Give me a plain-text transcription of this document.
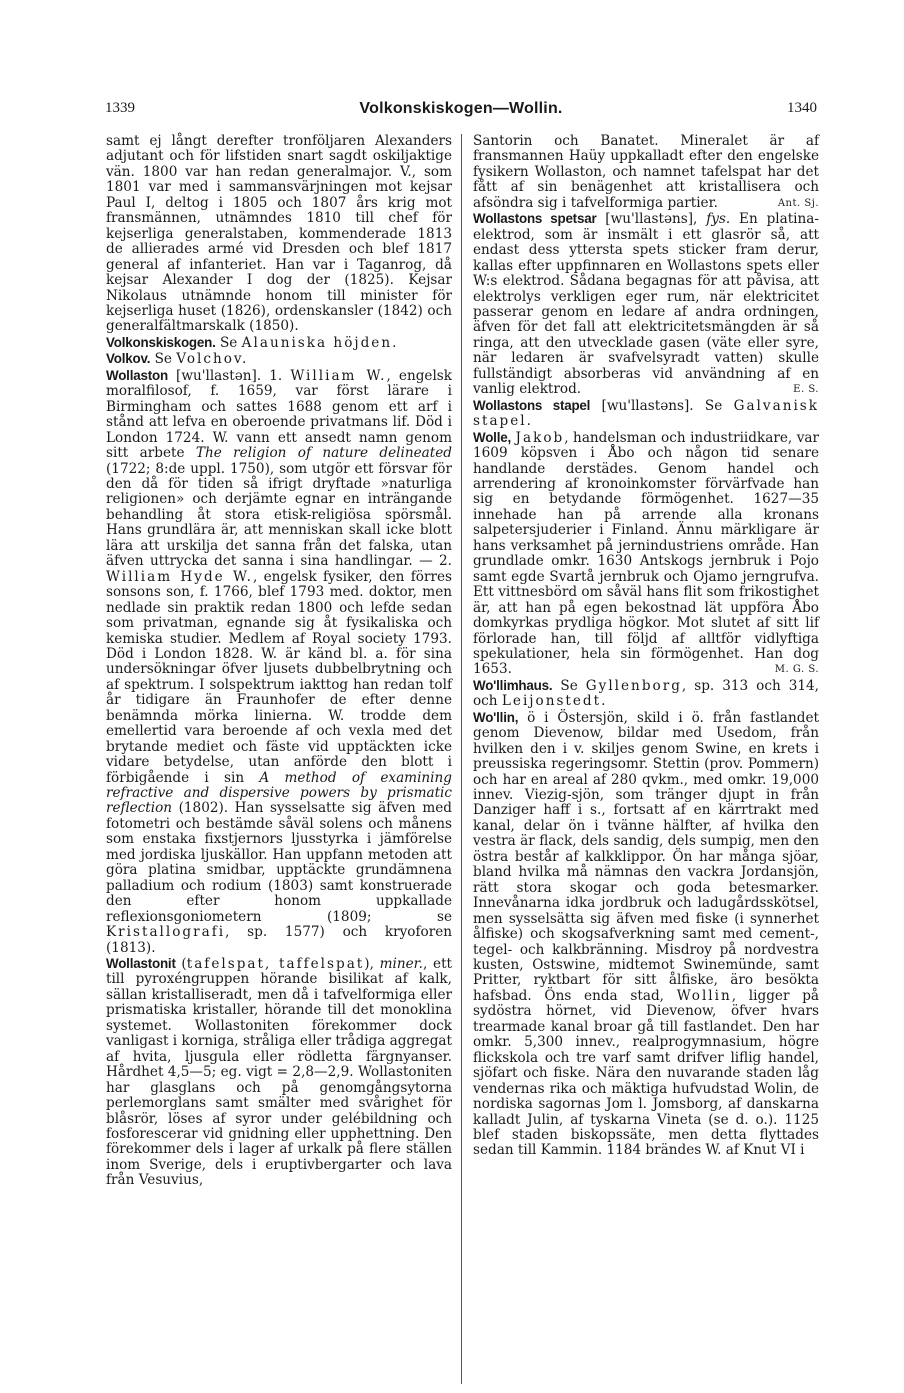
1339	Volkonskiskogen—Wollin.	1340

samt ej långt derefter tronföljaren Alexanders adjutant och för lifstiden snart sagdt oskiljaktige vän. 1800 var han redan generalmajor. V., som 1801 var med i sammansvärjningen mot kejsar Paul I, deltog i 1805 och 1807 års krig mot fransmännen, utnämndes 1810 till chef för kejserliga generalstaben, kommenderade 1813 de allierades armé vid Dresden och blef 1817 general af infanteriet. Han var i Taganrog, då kejsar Alexander I dog der (1825). Kejsar Nikolaus utnämnde honom till minister för kejserliga huset (1826), ordenskansler (1842) och generalfältmarskalk (1850).

Volkonskiskogen. Se Alauniska höjden.

Volkov. Se Volchov.

Wollaston [wu'llastən]. 1. William W., engelsk moralfilosof, f. 1659, var först lärare i Birmingham och sattes 1688 genom ett arf i stånd att lefva en oberoende privatmans lif. Död i London 1724. W. vann ett ansedt namn genom sitt arbete The religion of nature delineated (1722; 8:de uppl. 1750), som utgör ett försvar för den då för tiden så ifrigt dryftade »naturliga religionen» och derjämte egnar en inträngande behandling åt stora etisk-religiösa spörsmål. Hans grundlära är, att menniskan skall icke blott lära att urskilja det sanna från det falska, utan äfven uttrycka det sanna i sina handlingar. — 2. William Hyde W., engelsk fysiker, den förres sonsons son, f. 1766, blef 1793 med. doktor, men nedlade sin praktik redan 1800 och lefde sedan som privatman, egnande sig åt fysikaliska och kemiska studier. Medlem af Royal society 1793. Död i London 1828. W. är känd bl. a. för sina undersökningar öfver ljusets dubbelbrytning och af spektrum. I solspektrum iakttog han redan tolf år tidigare än Fraunhofer de efter denne benämnda mörka linierna. W. trodde dem emellertid vara beroende af och vexla med det brytande mediet och fäste vid upptäckten icke vidare betydelse, utan anförde den blott i förbigående i sin A method of examining refractive and dispersive powers by prismatic reflection (1802). Han sysselsatte sig äfven med fotometri och bestämde såväl solens och månens som enstaka fixstjernors ljusstyrka i jämförelse med jordiska ljuskällor. Han uppfann metoden att göra platina smidbar, upptäckte grundämnena palladium och rodium (1803) samt konstruerade den efter honom uppkallade reflexionsgoniometern (1809; se Kristallografi, sp. 1577) och kryoforen (1813).

Wollastonit (tafelspat, taffelspat), miner., ett till pyroxéngruppen hörande bisilikat af kalk, sällan kristalliseradt, men då i tafvelformiga eller prismatiska kristaller, hörande till det monoklina systemet. Wollastoniten förekommer dock vanligast i korniga, stråliga eller trådiga aggregat af hvita, ljusgula eller rödletta färgnyanser. Hårdhet 4,5—5; eg. vigt = 2,8—2,9. Wollastoniten har glasglans och på genomgångsytorna perlemorglans samt smälter med svårighet för blåsrör, löses af syror under gelébildning och fosforescerar vid gnidning eller upphettning. Den förekommer dels i lager af urkalk på flere ställen inom Sverige, dels i eruptivbergarter och lava från Vesuvius,

Santorin och Banatet. Mineralet är af fransmannen Haüy uppkalladt efter den engelske fysikern Wollaston, och namnet tafelspat har det fått af sin benägenhet att kristallisera och afsöndra sig i tafvelformiga partier.	Ant. Sj.

Wollastons spetsar [wu'llastəns], fys. En platina-elektrod, som är insmält i ett glasrör så, att endast dess yttersta spets sticker fram derur, kallas efter uppfinnaren en Wollastons spets eller W:s elektrod. Sådana begagnas för att påvisa, att elektrolys verkligen eger rum, när elektricitet passerar genom en ledare af andra ordningen, äfven för det fall att elektricitetsmängden är så ringa, att den utvecklade gasen (väte eller syre, när ledaren är svafvelsyradt vatten) skulle fullständigt absorberas vid användning af en vanlig elektrod.	E. S.

Wollastons stapel [wu'llastəns]. Se Galvanisk stapel.

Wolle, Jakob, handelsman och industriidkare, var 1609 köpsven i Åbo och någon tid senare handlande derstädes. Genom handel och arrendering af kronoinkomster förvärfvade han sig en betydande förmögenhet. 1627—35 innehade han på arrende alla kronans salpetersjuderier i Finland. Ännu märkligare är hans verksamhet på jernindustriens område. Han grundlade omkr. 1630 Antskogs jernbruk i Pojo samt egde Svartå jernbruk och Ojamo jerngrufva. Ett vittnesbörd om såväl hans flit som frikostighet är, att han på egen bekostnad lät uppföra Åbo domkyrkas prydliga högkor. Mot slutet af sitt lif förlorade han, till följd af alltför vidlyftiga spekulationer, hela sin förmögenhet. Han dog 1653.	M. G. S.

Wo'llimhaus. Se Gyllenborg, sp. 313 och 314, och Leijonstedt.

Wo'llin, ö i Östersjön, skild i ö. från fastlandet genom Dievenow, bildar med Usedom, från hvilken den i v. skiljes genom Swine, en krets i preussiska regeringsomr. Stettin (prov. Pommern) och har en areal af 280 qvkm., med omkr. 19,000 innev. Viezig-sjön, som tränger djupt in från Danziger haff i s., fortsatt af en kärrtrakt med kanal, delar ön i tvänne hälfter, af hvilka den vestra är flack, dels sandig, dels sumpig, men den östra består af kalkklippor. Ön har många sjöar, bland hvilka må nämnas den vackra Jordansjön, rätt stora skogar och goda betesmarker. Innevånarna idka jordbruk och ladugårdsskötsel, men sysselsätta sig äfven med fiske (i synnerhet ålfiske) och skogsafverkning samt med cement-, tegel- och kalkbränning. Misdroy på nordvestra kusten, Ostswine, midtemot Swinemünde, samt Pritter, ryktbart för sitt ålfiske, äro besökta hafsbad. Öns enda stad, Wollin, ligger på sydöstra hörnet, vid Dievenow, öfver hvars trearmade kanal broar gå till fastlandet. Den har omkr. 5,300 innev., realprogymnasium, högre flickskola och tre varf samt drifver liflig handel, sjöfart och fiske. Nära den nuvarande staden låg vendernas rika och mäktiga hufvudstad Wolin, de nordiska sagornas Jom l. Jomsborg, af danskarna kalladt Julin, af tyskarna Vineta (se d. o.). 1125 blef staden biskopssäte, men detta flyttades sedan till Kammin. 1184 brändes W. af Knut VI i
